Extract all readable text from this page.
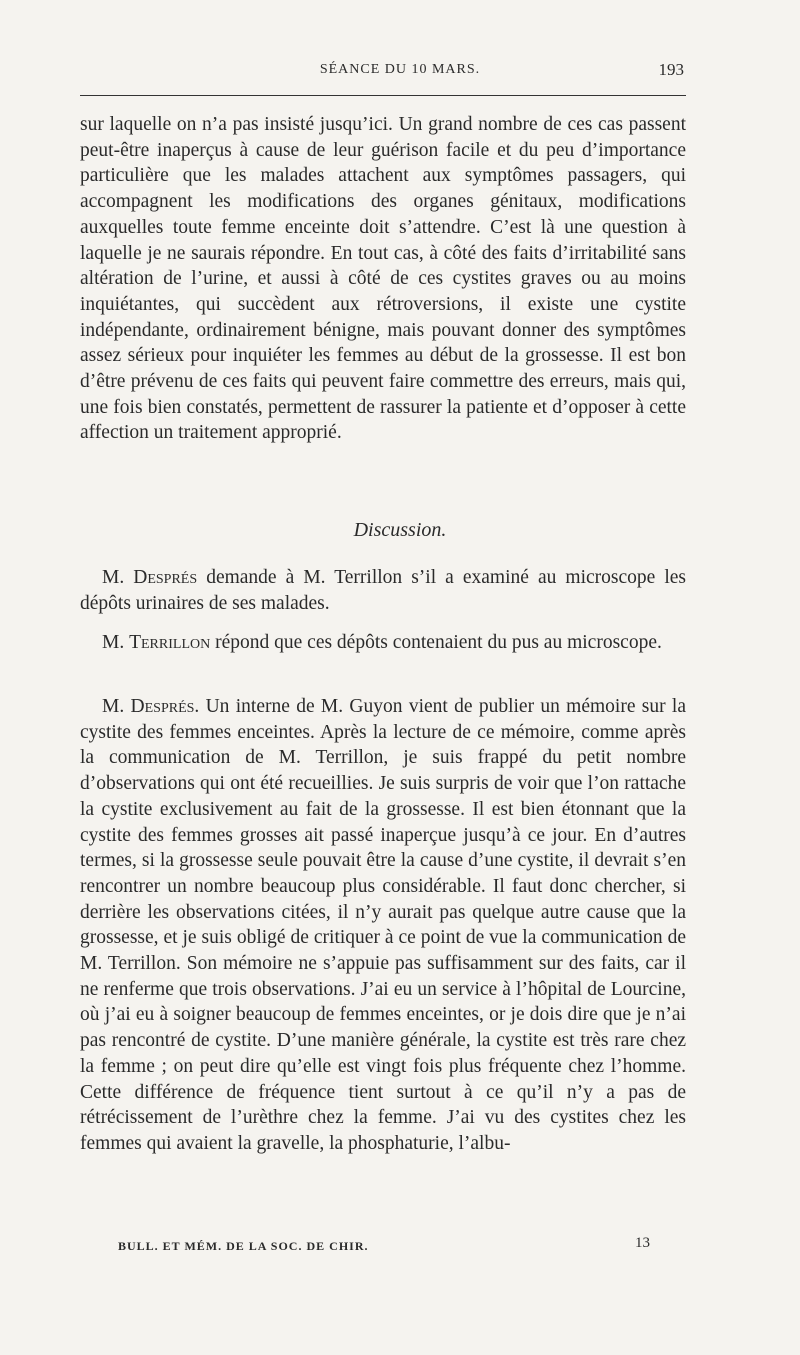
SÉANCE DU 10 MARS.	193

sur laquelle on n’a pas insisté jusqu’ici. Un grand nombre de ces cas passent peut-être inaperçus à cause de leur guérison facile et du peu d’importance particulière que les malades attachent aux symptômes passagers, qui accompagnent les modifications des organes génitaux, modifications auxquelles toute femme enceinte doit s’attendre. C’est là une question à laquelle je ne saurais répondre. En tout cas, à côté des faits d’irritabilité sans altération de l’urine, et aussi à côté de ces cystites graves ou au moins inquiétantes, qui succèdent aux rétroversions, il existe une cystite indépendante, ordinairement bénigne, mais pouvant donner des symptômes assez sérieux pour inquiéter les femmes au début de la grossesse. Il est bon d’être prévenu de ces faits qui peuvent faire commettre des erreurs, mais qui, une fois bien constatés, permettent de rassurer la patiente et d’opposer à cette affection un traitement approprié.

Discussion.

M. Després demande à M. Terrillon s’il a examiné au microscope les dépôts urinaires de ses malades.

M. Terrillon répond que ces dépôts contenaient du pus au microscope.

M. Després. Un interne de M. Guyon vient de publier un mémoire sur la cystite des femmes enceintes. Après la lecture de ce mémoire, comme après la communication de M. Terrillon, je suis frappé du petit nombre d’observations qui ont été recueillies. Je suis surpris de voir que l’on rattache la cystite exclusivement au fait de la grossesse. Il est bien étonnant que la cystite des femmes grosses ait passé inaperçue jusqu’à ce jour. En d’autres termes, si la grossesse seule pouvait être la cause d’une cystite, il devrait s’en rencontrer un nombre beaucoup plus considérable. Il faut donc chercher, si derrière les observations citées, il n’y aurait pas quelque autre cause que la grossesse, et je suis obligé de critiquer à ce point de vue la communication de M. Terrillon. Son mémoire ne s’appuie pas suffisamment sur des faits, car il ne renferme que trois observations. J’ai eu un service à l’hôpital de Lourcine, où j’ai eu à soigner beaucoup de femmes enceintes, or je dois dire que je n’ai pas rencontré de cystite. D’une manière générale, la cystite est très rare chez la femme ; on peut dire qu’elle est vingt fois plus fréquente chez l’homme. Cette différence de fréquence tient surtout à ce qu’il n’y a pas de rétrécissement de l’urèthre chez la femme. J’ai vu des cystites chez les femmes qui avaient la gravelle, la phosphaturie, l’albu-

BULL. ET MÉM. DE LA SOC. DE CHIR.	13
